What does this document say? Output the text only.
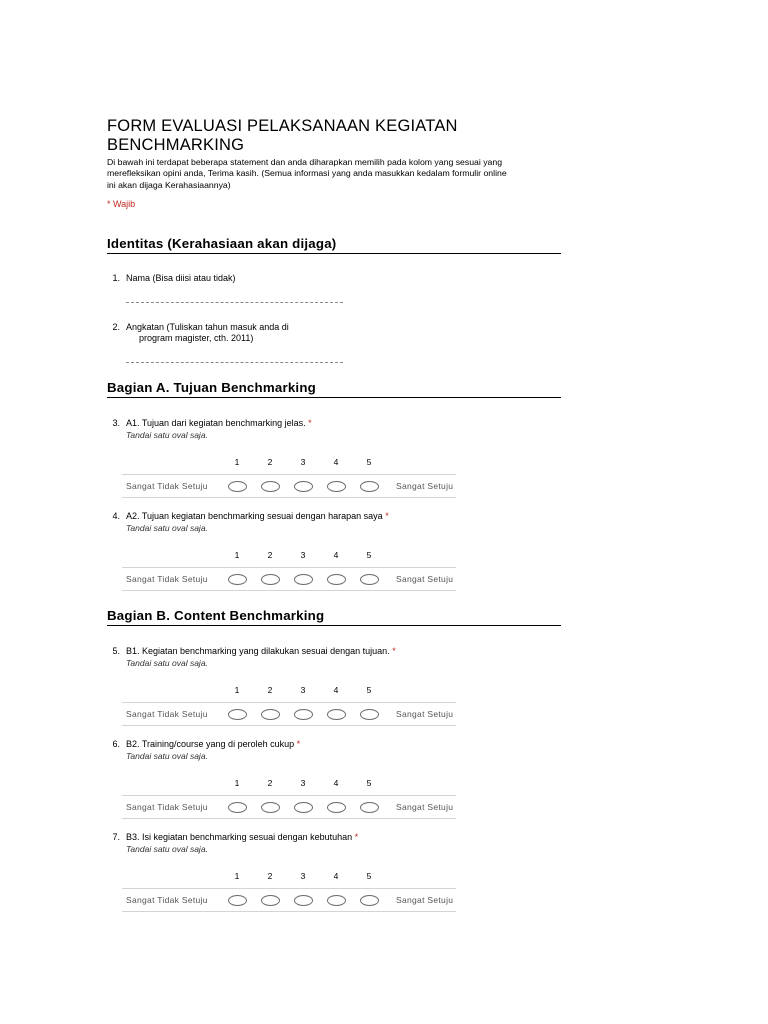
FORM EVALUASI PELAKSANAAN KEGIATAN
BENCHMARKING
Di bawah ini terdapat beberapa statement dan anda diharapkan memilih pada kolom yang sesuai yang
merefleksikan opini anda, Terima kasih. (Semua informasi yang anda masukkan kedalam formulir online
ini akan dijaga Kerahasiaannya)
* Wajib
Identitas (Kerahasiaan akan dijaga)
1. Nama (Bisa diisi atau tidak)
2. Angkatan (Tuliskan tahun masuk anda di
program magister, cth. 2011)
Bagian A. Tujuan Benchmarking
Bagian B. Content Benchmarking
3. A1. Tujuan dari kegiatan benchmarking jelas. *
Tandai satu oval saja.
1	2	3	4	5
Sangat Tidak Setuju	Sangat Setuju
4. A2. Tujuan kegiatan benchmarking sesuai dengan harapan saya *
Tandai satu oval saja.
1	2	3	4	5
Sangat Tidak Setuju	Sangat Setuju
5. B1. Kegiatan benchmarking yang dilakukan sesuai dengan tujuan. *
Tandai satu oval saja.
1	2	3	4	5
Sangat Tidak Setuju	Sangat Setuju
6. B2. Training/course yang di peroleh cukup *
Tandai satu oval saja.
1	2	3	4	5
Sangat Tidak Setuju	Sangat Setuju
7. B3. Isi kegiatan benchmarking sesuai dengan kebutuhan *
Tandai satu oval saja.
1	2	3	4	5
Sangat Tidak Setuju	Sangat Setuju
